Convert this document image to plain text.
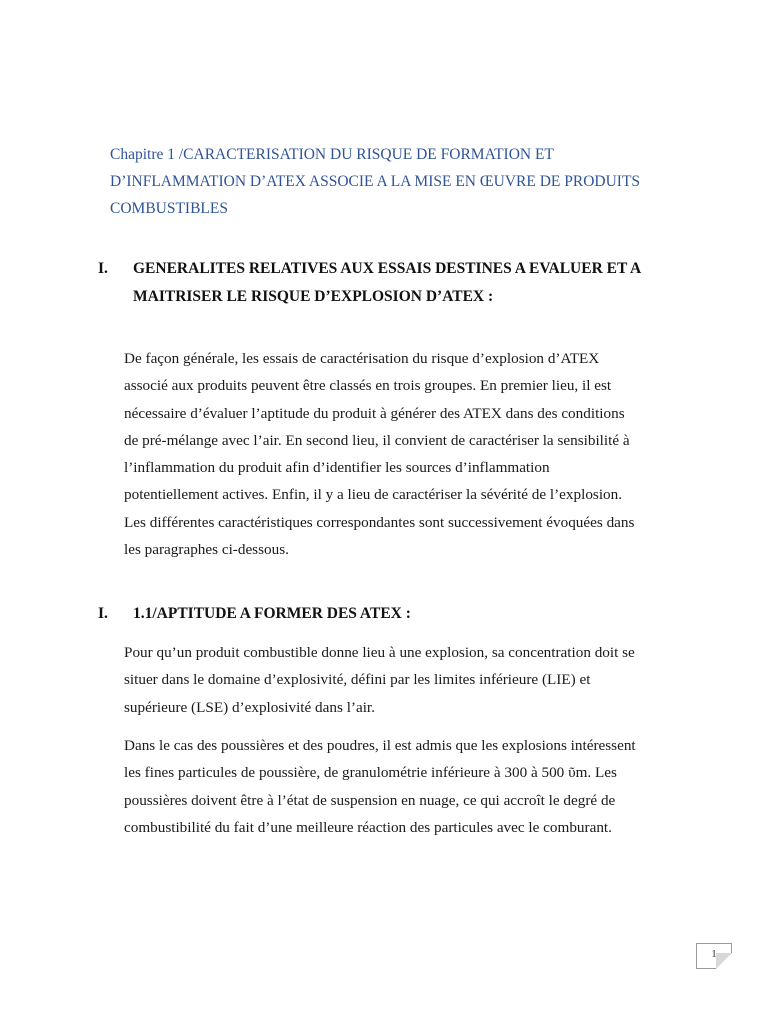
Chapitre 1 /CARACTERISATION DU RISQUE DE FORMATION ET D’INFLAMMATION D’ATEX ASSOCIE A LA MISE EN ŒUVRE DE PRODUITS COMBUSTIBLES
I. GENERALITES RELATIVES AUX ESSAIS DESTINES A EVALUER ET A MAITRISER LE RISQUE D’EXPLOSION D’ATEX :

De façon générale, les essais de caractérisation du risque d’explosion d’ATEX associé aux produits peuvent être classés en trois groupes. En premier lieu, il est nécessaire d’évaluer l’aptitude du produit à générer des ATEX dans des conditions de pré-mélange avec l’air. En second lieu, il convient de caractériser la sensibilité à l’inflammation du produit afin d’identifier les sources d’inflammation potentiellement actives. Enfin, il y a lieu de caractériser la sévérité de l’explosion. Les différentes caractéristiques correspondantes sont successivement évoquées dans les paragraphes ci-dessous.

I. 1.1/APTITUDE A FORMER DES ATEX :

Pour qu’un produit combustible donne lieu à une explosion, sa concentration doit se situer dans le domaine d’explosivité, défini par les limites inférieure (LIE) et supérieure (LSE) d’explosivité dans l’air.

Dans le cas des poussières et des poudres, il est admis que les explosions intéressent les fines particules de poussière, de granulométrie inférieure à 300 à 500 ῦm. Les poussières doivent être à l’état de suspension en nuage, ce qui accroît le degré de combustibilité du fait d’une meilleure réaction des particules avec le comburant.

1
